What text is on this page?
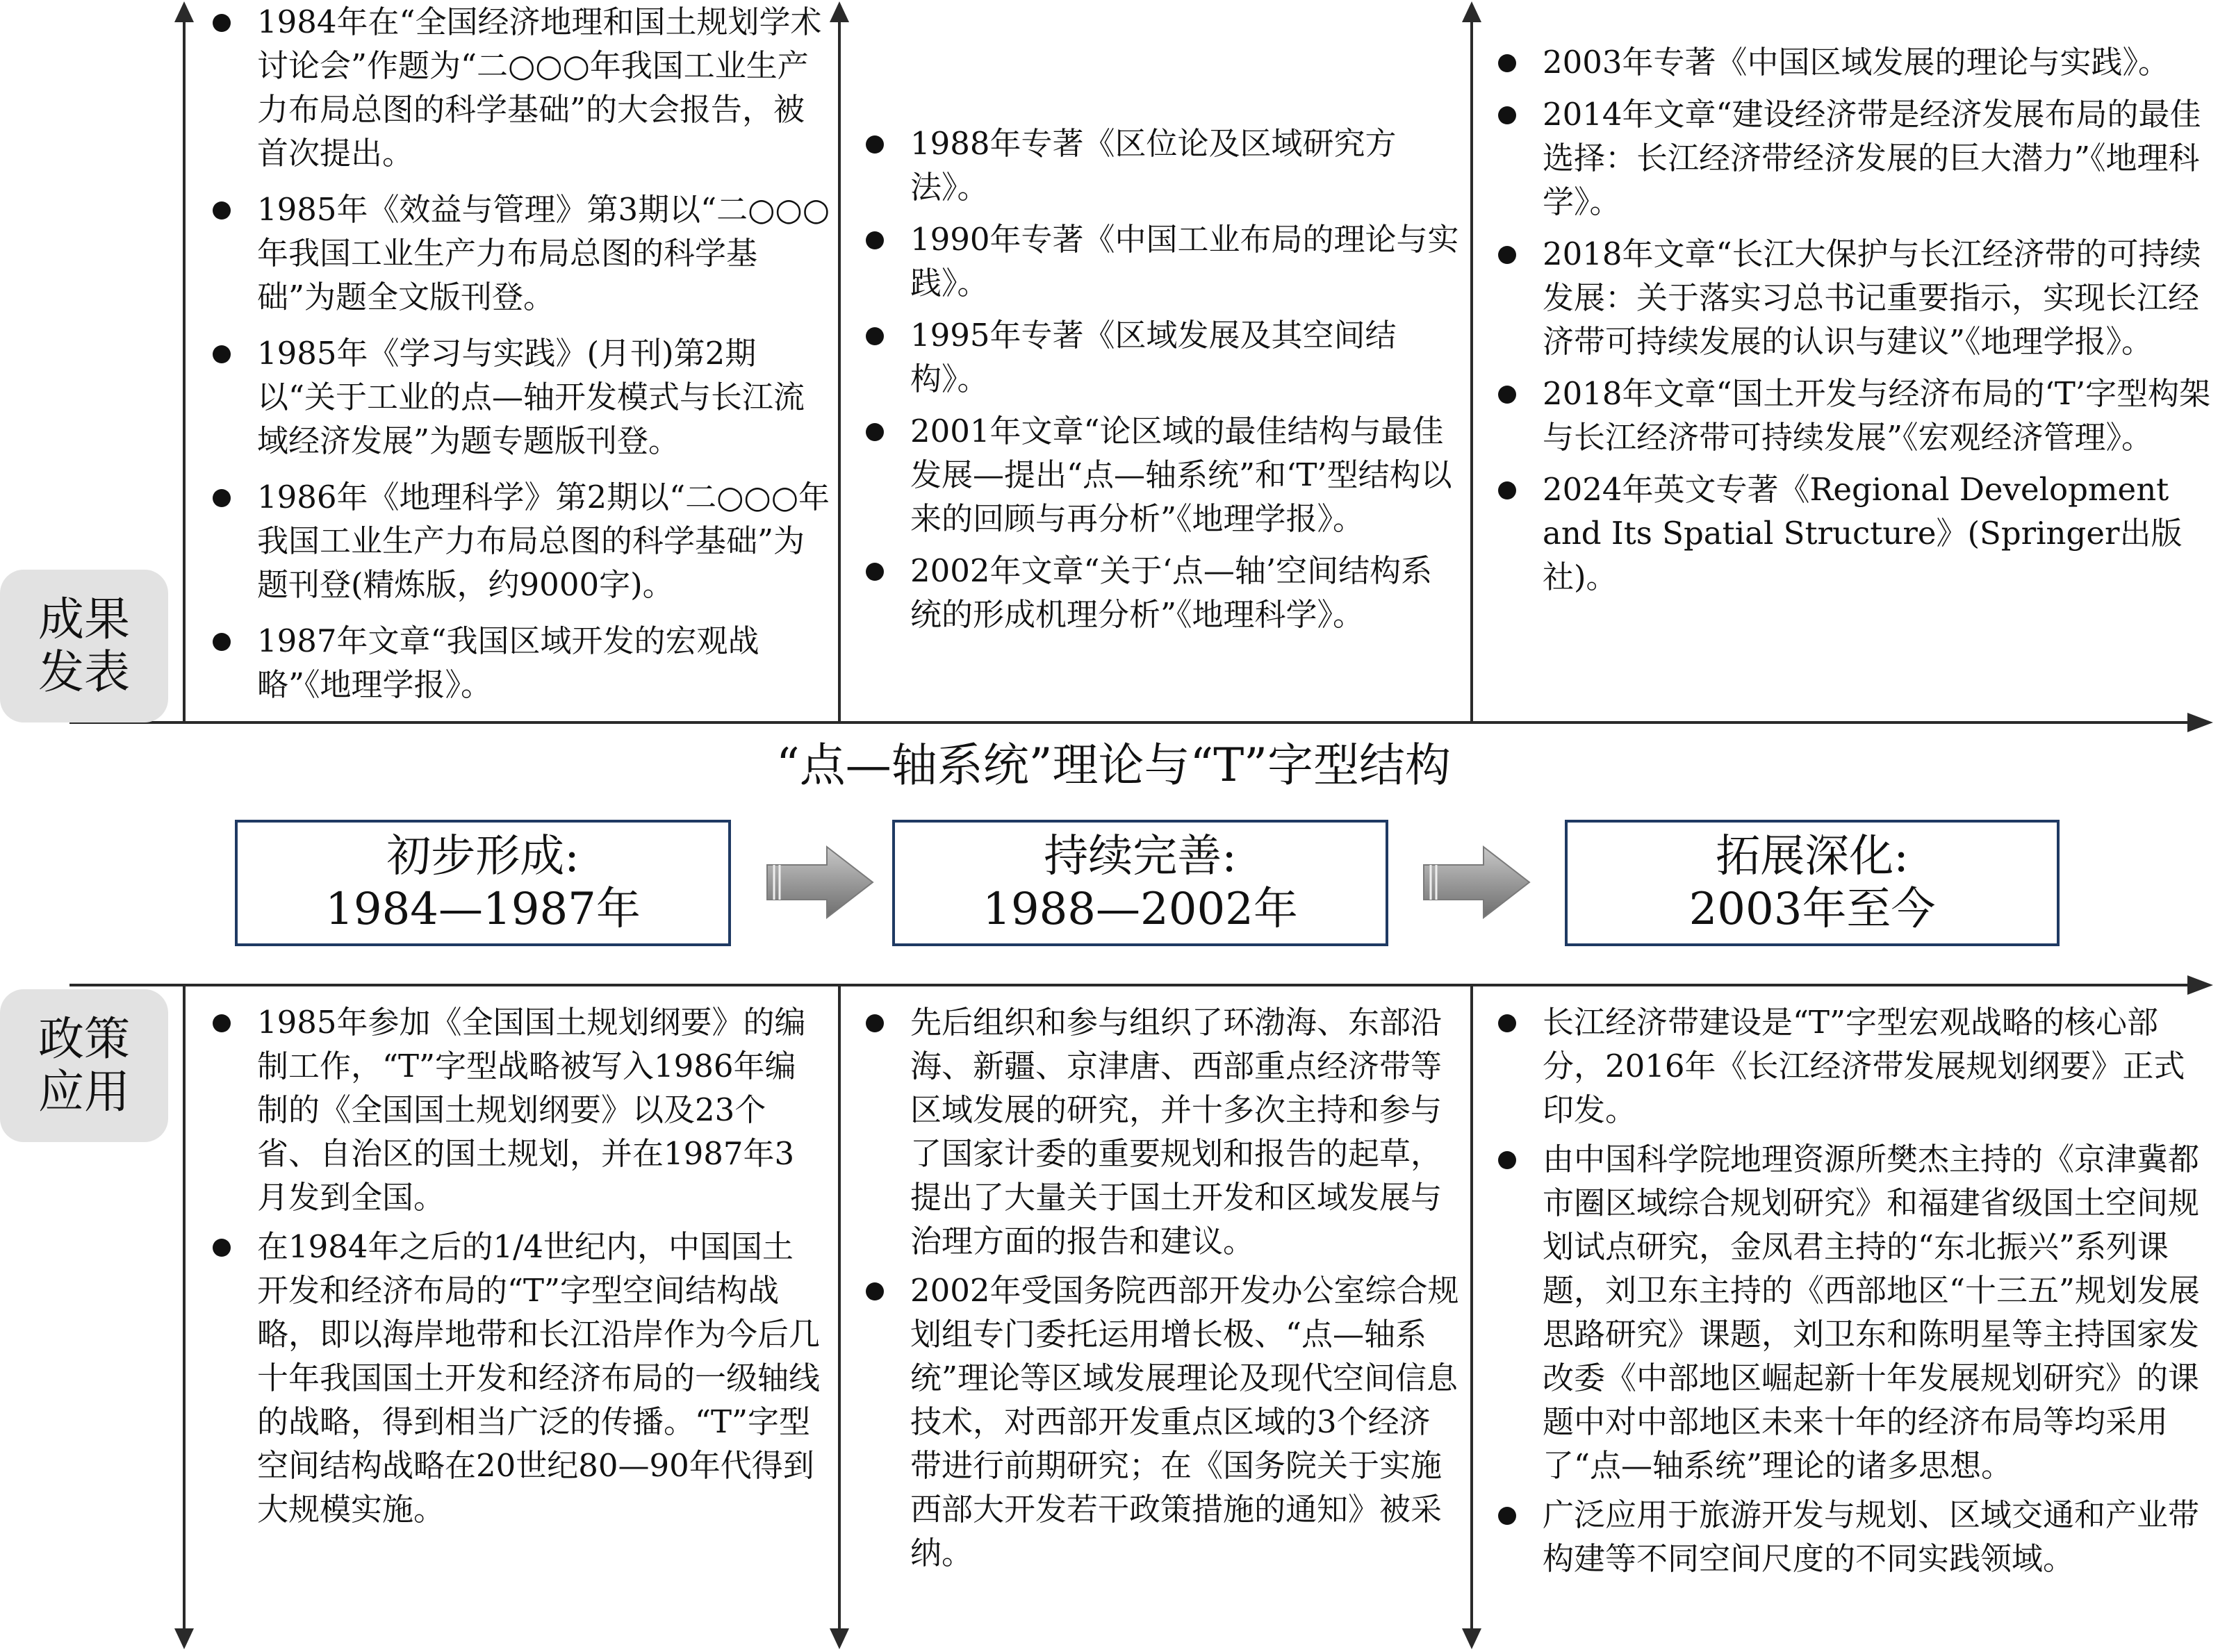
成果
发表
政策
应用
1984年在“全国经济地理和国土规划学术讨论会”作题为“二○○○年我国工业生产力布局总图的科学基础”的大会报告，被首次提出。
1985年《效益与管理》第3期以“二○○○年我国工业生产力布局总图的科学基础”为题全文版刊登。
1985年《学习与实践》(月刊)第2期以“关于工业的点—轴开发模式与长江流域经济发展”为题专题版刊登。
1986年《地理科学》第2期以“二○○○年我国工业生产力布局总图的科学基础”为题刊登(精炼版，约9000字)。
1987年文章“我国区域开发的宏观战略”《地理学报》。
1988年专著《区位论及区域研究方法》。
1990年专著《中国工业布局的理论与实践》。
1995年专著《区域发展及其空间结构》。
2001年文章“论区域的最佳结构与最佳发展—提出“点—轴系统”和‘T’型结构以来的回顾与再分析”《地理学报》。
2002年文章“关于‘点—轴’空间结构系统的形成机理分析”《地理科学》。
2003年专著《中国区域发展的理论与实践》。
2014年文章“建设经济带是经济发展布局的最佳选择：长江经济带经济发展的巨大潜力”《地理科学》。
2018年文章“长江大保护与长江经济带的可持续发展：关于落实习总书记重要指示，实现长江经济带可持续发展的认识与建议”《地理学报》。
2018年文章“国土开发与经济布局的‘T’字型构架与长江经济带可持续发展”《宏观经济管理》。
2024年英文专著《Regional Development and Its Spatial Structure》(Springer出版社)。
“点—轴系统”理论与“T”字型结构
初步形成:
1984—1987年
持续完善:
1988—2002年
拓展深化:
2003年至今
1985年参加《全国国土规划纲要》的编制工作，“T”字型战略被写入1986年编制的《全国国土规划纲要》以及23个省、自治区的国土规划，并在1987年3月发到全国。
在1984年之后的1/4世纪内，中国国土开发和经济布局的“T”字型空间结构战略，即以海岸地带和长江沿岸作为今后几十年我国国土开发和经济布局的一级轴线的战略，得到相当广泛的传播。“T”字型空间结构战略在20世纪80—90年代得到大规模实施。
先后组织和参与组织了环渤海、东部沿海、新疆、京津唐、西部重点经济带等区域发展的研究，并十多次主持和参与了国家计委的重要规划和报告的起草，提出了大量关于国土开发和区域发展与治理方面的报告和建议。
2002年受国务院西部开发办公室综合规划组专门委托运用增长极、“点—轴系统”理论等区域发展理论及现代空间信息技术，对西部开发重点区域的3个经济带进行前期研究；在《国务院关于实施西部大开发若干政策措施的通知》被采纳。
长江经济带建设是“T”字型宏观战略的核心部分，2016年《长江经济带发展规划纲要》正式印发。
由中国科学院地理资源所樊杰主持的《京津冀都市圈区域综合规划研究》和福建省级国土空间规划试点研究，金凤君主持的“东北振兴”系列课题，刘卫东主持的《西部地区“十三五”规划发展思路研究》课题，刘卫东和陈明星等主持国家发改委《中部地区崛起新十年发展规划研究》的课题中对中部地区未来十年的经济布局等均采用了“点—轴系统”理论的诸多思想。
广泛应用于旅游开发与规划、区域交通和产业带构建等不同空间尺度的不同实践领域。
